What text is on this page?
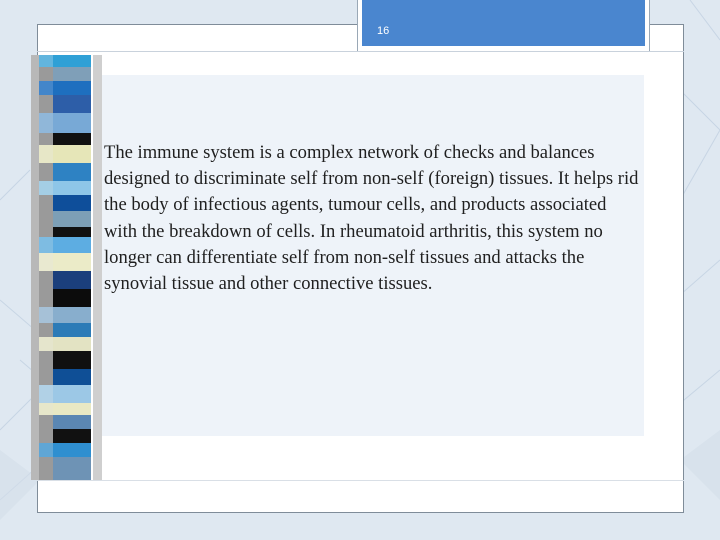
16

The immune system is a complex network of checks and balances designed to discriminate self from non-self (foreign) tissues. It helps rid the body of infectious agents, tumour cells, and products associated with the breakdown of cells. In rheumatoid arthritis, this system no longer can differentiate self from non-self tissues and attacks the synovial tissue and other connective tissues.
